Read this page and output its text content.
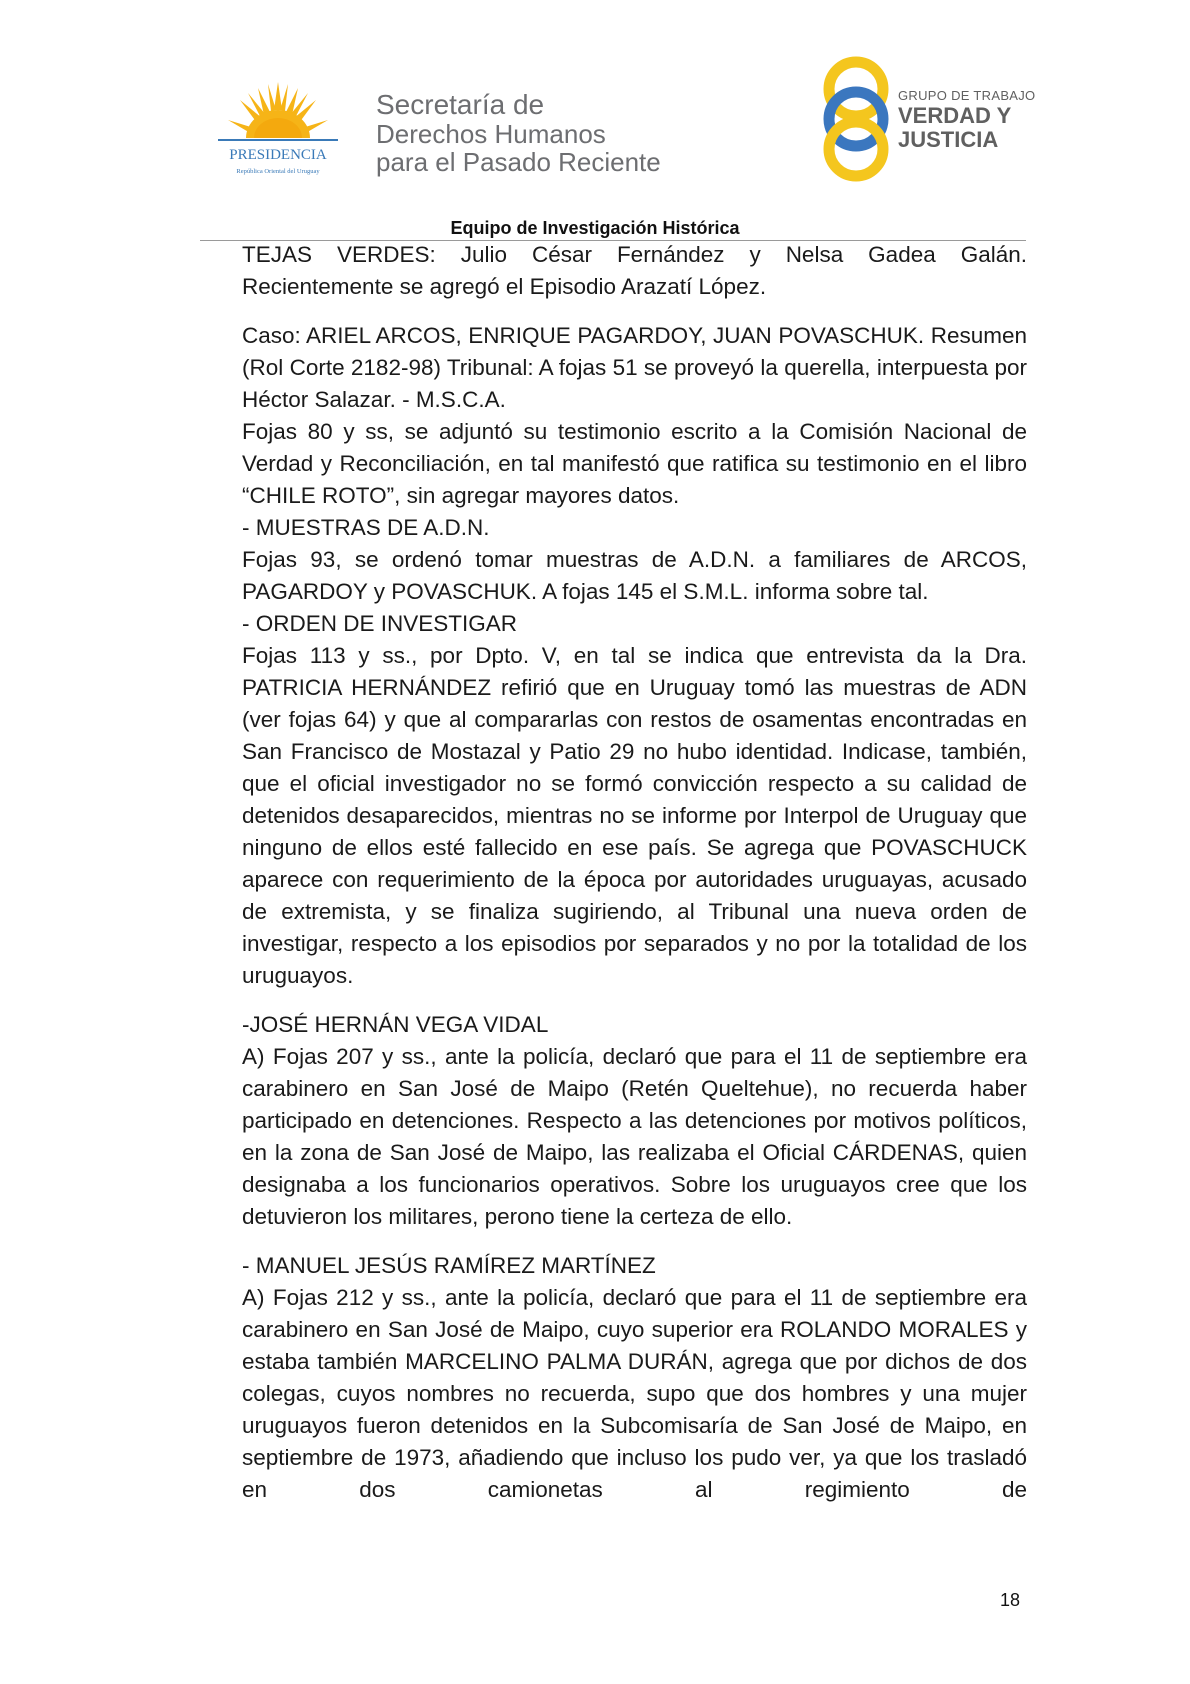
PRESIDENCIA
República Oriental del Uruguay
Secretaría de
Derechos Humanos
para el Pasado Reciente
GRUPO DE TRABAJO
VERDAD Y
JUSTICIA
Equipo de Investigación Histórica

TEJAS VERDES: Julio César Fernández y Nelsa Gadea Galán. Recientemente se agregó el Episodio Arazatí López.

Caso: ARIEL ARCOS, ENRIQUE PAGARDOY, JUAN POVASCHUK. Resumen (Rol Corte 2182-98) Tribunal: A fojas 51 se proveyó la querella, interpuesta por Héctor Salazar. - M.S.C.A.

Fojas 80 y ss, se adjuntó su testimonio escrito a la Comisión Nacional de Verdad y Reconciliación, en tal manifestó que ratifica su testimonio en el libro “CHILE ROTO”, sin agregar mayores datos.

- MUESTRAS DE A.D.N.

Fojas 93, se ordenó tomar muestras de A.D.N. a familiares de ARCOS, PAGARDOY y POVASCHUK. A fojas 145 el S.M.L. informa sobre tal.

- ORDEN DE INVESTIGAR

Fojas 113 y ss., por Dpto. V, en tal se indica que entrevista da la Dra. PATRICIA HERNÁNDEZ refirió que en Uruguay tomó las muestras de ADN (ver fojas 64) y que al compararlas con restos de osamentas encontradas en San Francisco de Mostazal y Patio 29 no hubo identidad. Indicase, también, que el oficial investigador no se formó convicción respecto a su calidad de detenidos desaparecidos, mientras no se informe por Interpol de Uruguay que ninguno de ellos esté fallecido en ese país. Se agrega que POVASCHUCK aparece con requerimiento de la época por autoridades uruguayas, acusado de extremista, y se finaliza sugiriendo, al Tribunal una nueva orden de investigar, respecto a los episodios por separados y no por la totalidad de los uruguayos.

-JOSÉ HERNÁN VEGA VIDAL

A) Fojas 207 y ss., ante la policía, declaró que para el 11 de septiembre era carabinero en San José de Maipo (Retén Queltehue), no recuerda haber participado en detenciones. Respecto a las detenciones por motivos políticos, en la zona de San José de Maipo, las realizaba el Oficial CÁRDENAS, quien designaba a los funcionarios operativos. Sobre los uruguayos cree que los detuvieron los militares, perono tiene la certeza de ello.

- MANUEL JESÚS RAMÍREZ MARTÍNEZ

A) Fojas 212 y ss., ante la policía, declaró que para el 11 de septiembre era carabinero en San José de Maipo, cuyo superior era ROLANDO MORALES y estaba también MARCELINO PALMA DURÁN, agrega que por dichos de dos colegas, cuyos nombres no recuerda, supo que dos hombres y una mujer uruguayos fueron detenidos en la Subcomisaría de San José de Maipo, en septiembre de 1973, añadiendo que incluso los pudo ver, ya que los trasladó en dos camionetas al regimiento de

18
